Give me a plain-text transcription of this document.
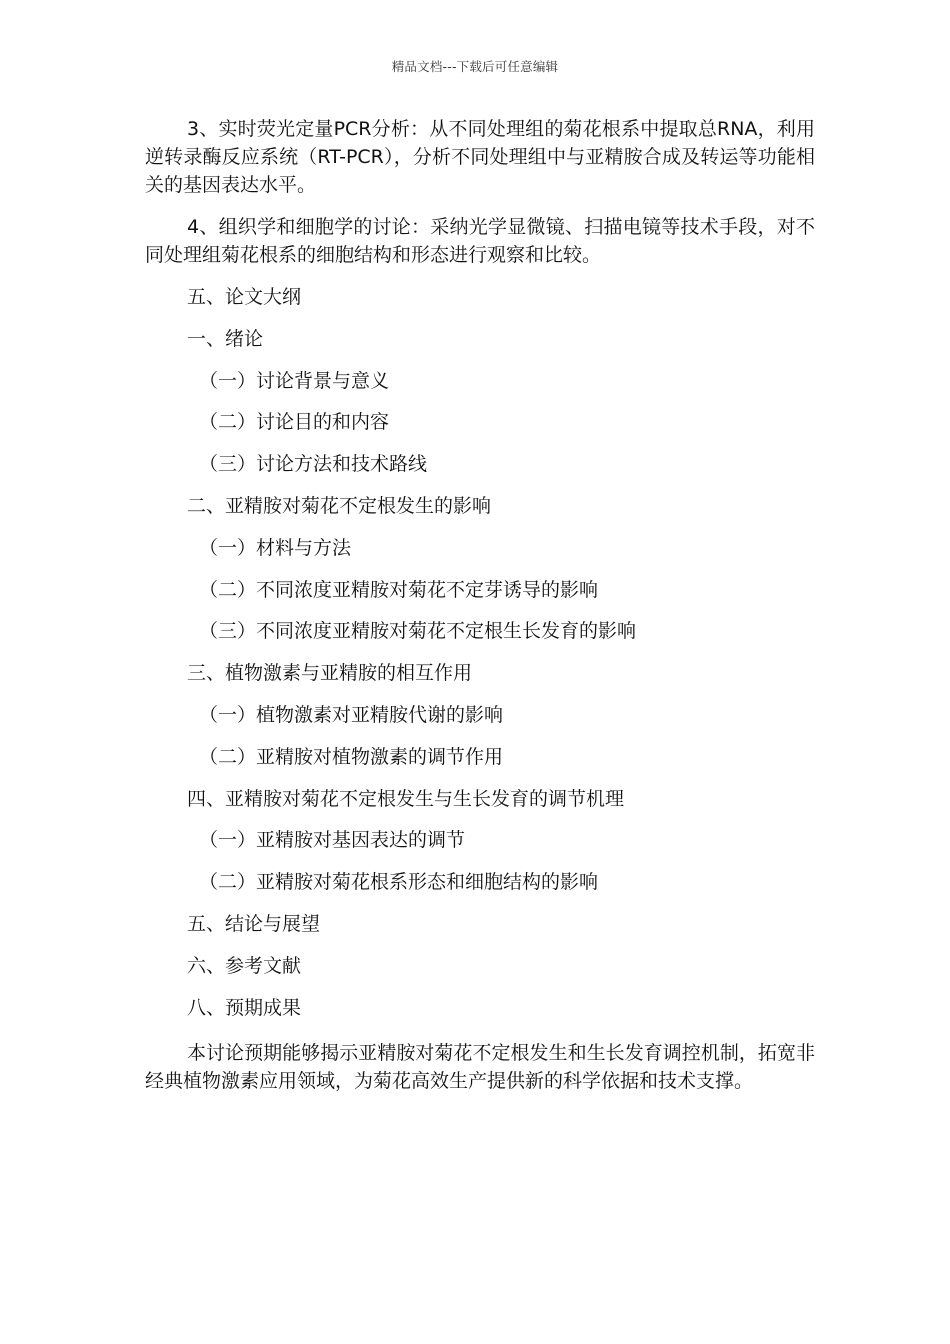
精品文档---下载后可任意编辑

3、实时荧光定量PCR分析：从不同处理组的菊花根系中提取总RNA，利用逆转录酶反应系统（RT-PCR），分析不同处理组中与亚精胺合成及转运等功能相关的基因表达水平。

4、组织学和细胞学的讨论：采纳光学显微镜、扫描电镜等技术手段，对不同处理组菊花根系的细胞结构和形态进行观察和比较。

五、论文大纲
一、绪论
（一）讨论背景与意义
（二）讨论目的和内容
（三）讨论方法和技术路线
二、亚精胺对菊花不定根发生的影响
（一）材料与方法
（二）不同浓度亚精胺对菊花不定芽诱导的影响
（三）不同浓度亚精胺对菊花不定根生长发育的影响
三、植物激素与亚精胺的相互作用
（一）植物激素对亚精胺代谢的影响
（二）亚精胺对植物激素的调节作用
四、亚精胺对菊花不定根发生与生长发育的调节机理
（一）亚精胺对基因表达的调节
（二）亚精胺对菊花根系形态和细胞结构的影响
五、结论与展望
六、参考文献
八、预期成果

本讨论预期能够揭示亚精胺对菊花不定根发生和生长发育调控机制，拓宽非经典植物激素应用领域，为菊花高效生产提供新的科学依据和技术支撑。
